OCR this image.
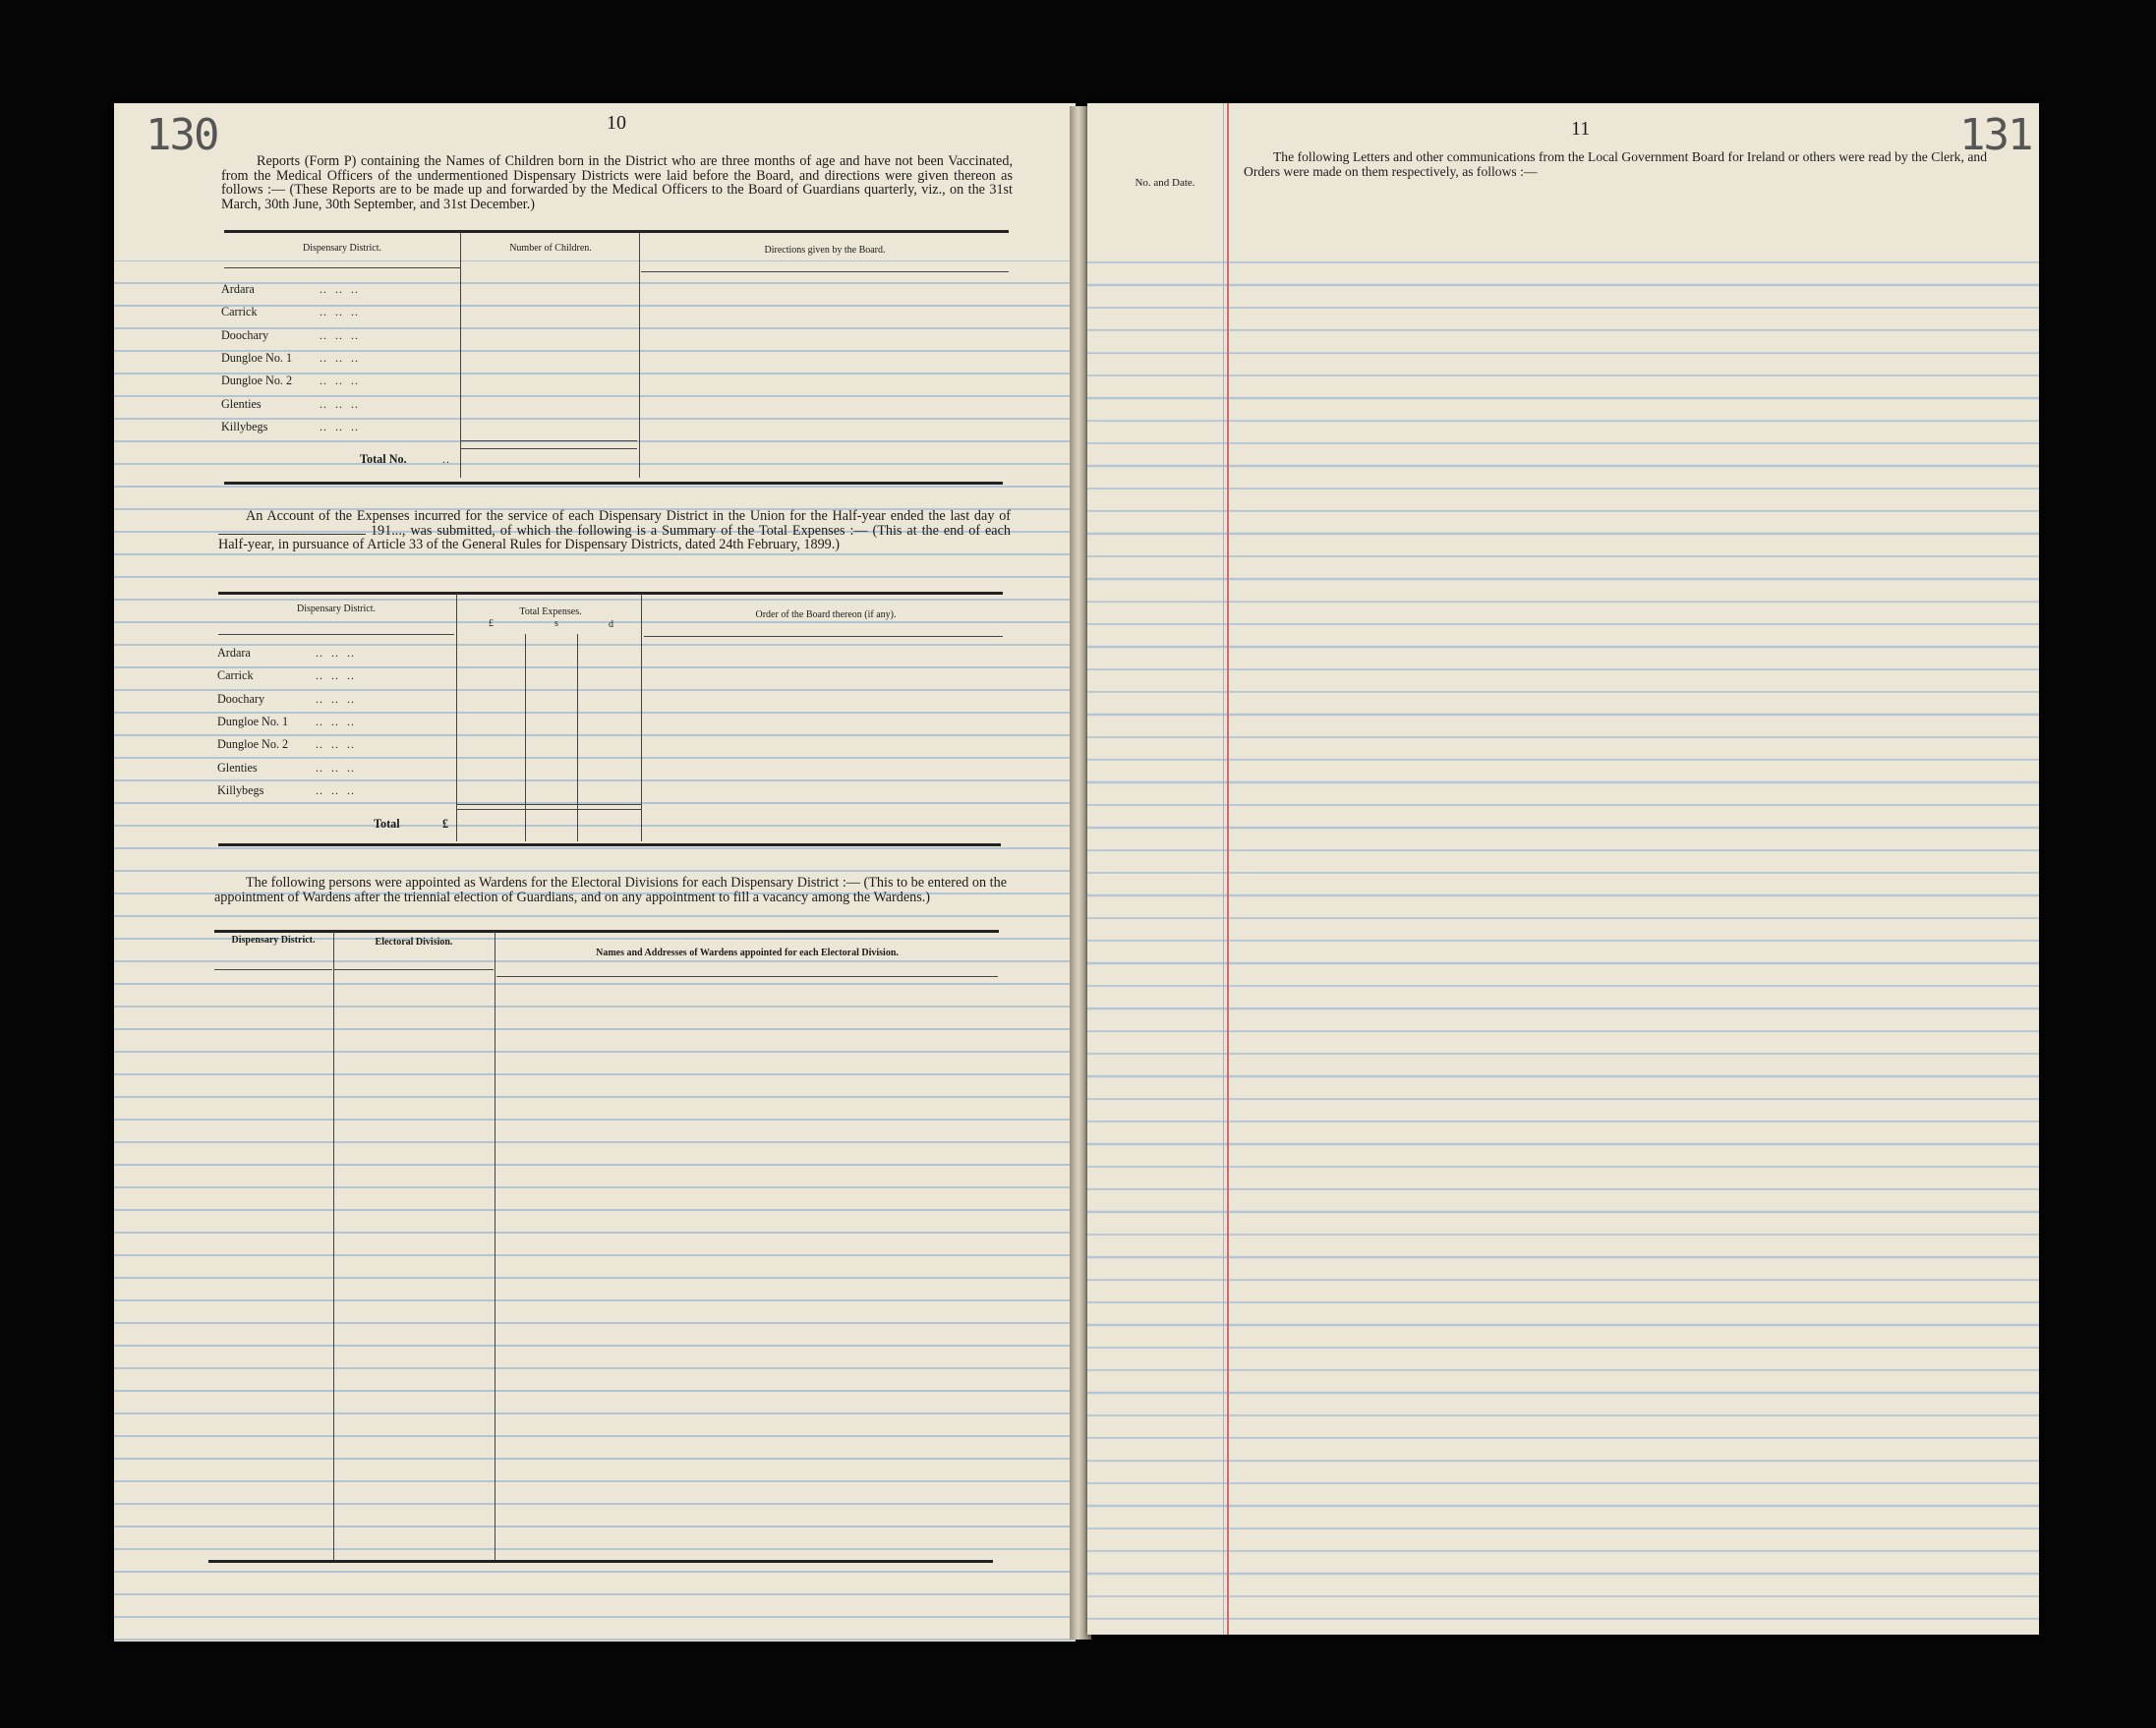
130	10
Reports (Form P) containing the Names of Children born in the District who are three months of age and have not been Vaccinated, from the Medical Officers of the undermentioned Dispensary Districts were laid before the Board, and directions were given thereon as follows :— (These Reports are to be made up and forwarded by the Medical Officers to the Board of Guardians quarterly, viz., on the 31st March, 30th June, 30th September, and 31st December.)
Dispensary District.	Number of Children.	Directions given by the Board.
Ardara	..  ..  ..
Carrick	..  ..  ..
Doochary	..  ..  ..
Dungloe No. 1	..  ..  ..
Dungloe No. 2	..  ..  ..
Glenties	..  ..  ..
Killybegs	..  ..  ..
Total No.	..
An Account of the Expenses incurred for the service of each Dispensary District in the Union for the Half-year ended the last day of  191..., was submitted, of which the following is a Summary of the Total Expenses :— (This at the end of each Half-year, in pursuance of Article 33 of the General Rules for Dispensary Districts, dated 24th February, 1899.)
Dispensary District.	Total Expenses.
£	s	d
Order of the Board thereon (if any).
Ardara	..  ..  ..
Carrick	..  ..  ..
Doochary	..  ..  ..
Dungloe No. 1	..  ..  ..
Dungloe No. 2	..  ..  ..
Glenties	..  ..  ..
Killybegs	..  ..  ..
Total	£
The following persons were appointed as Wardens for the Electoral Divisions for each Dispensary District :— (This to be entered on the appointment of Wardens after the triennial election of Guardians, and on any appointment to fill a vacancy among the Wardens.)
Dispensary District.	Electoral Division.
Names and Addresses of Wardens appointed for each Electoral Division.
11	131
No. and Date.
The following Letters and other communications from the Local Government Board for Ireland or others were read by the Clerk, and Orders were made on them respectively, as follows :—
